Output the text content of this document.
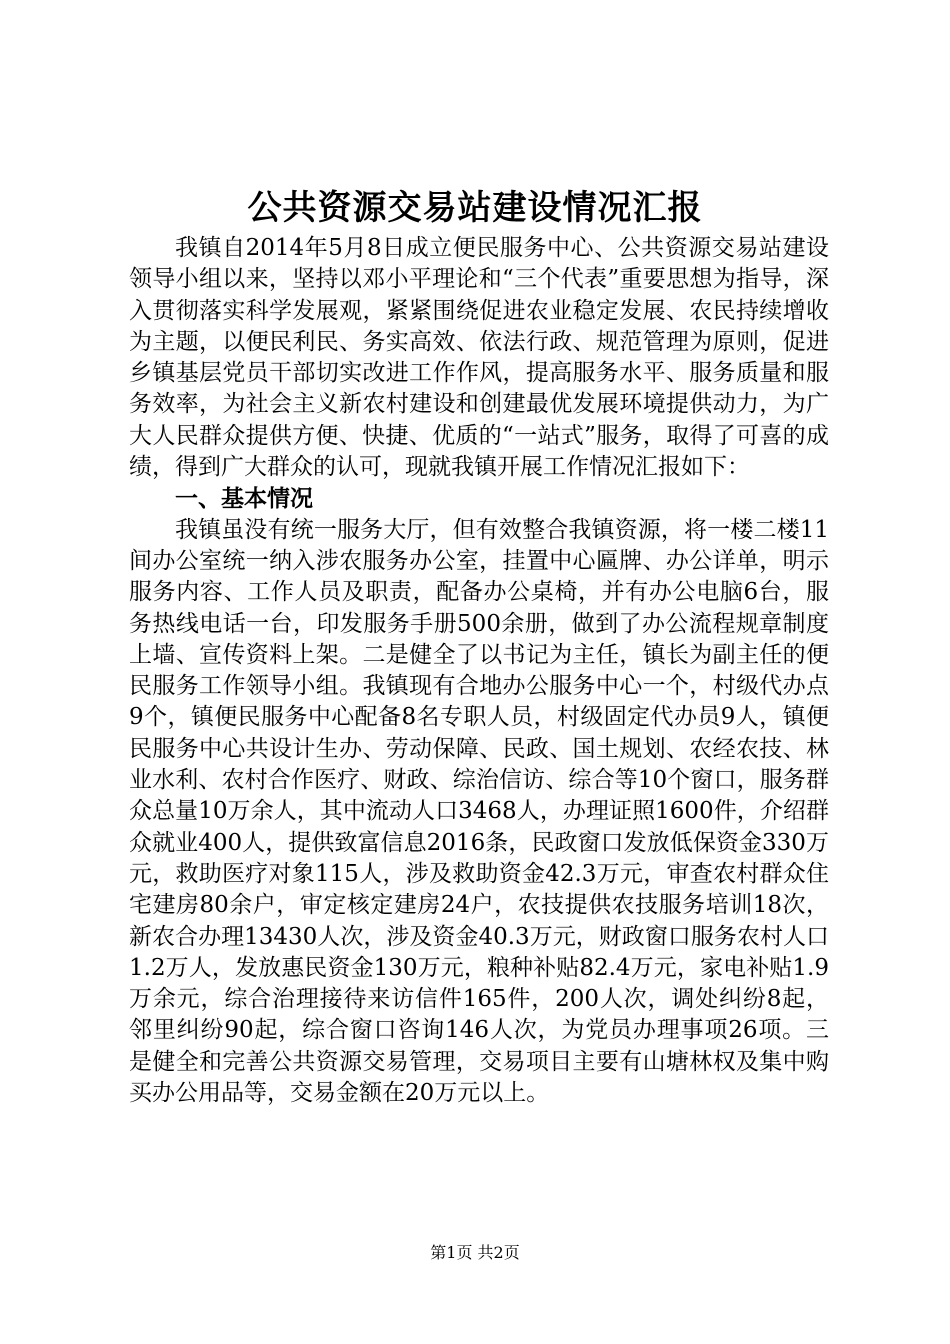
公共资源交易站建设情况汇报

我镇自2014年5月8日成立便民服务中心、公共资源交易站建设领导小组以来，坚持以邓小平理论和“三个代表”重要思想为指导，深入贯彻落实科学发展观，紧紧围绕促进农业稳定发展、农民持续增收为主题，以便民利民、务实高效、依法行政、规范管理为原则，促进乡镇基层党员干部切实改进工作作风，提高服务水平、服务质量和服务效率，为社会主义新农村建设和创建最优发展环境提供动力，为广大人民群众提供方便、快捷、优质的“一站式”服务，取得了可喜的成绩，得到广大群众的认可，现就我镇开展工作情况汇报如下：

一、基本情况

我镇虽没有统一服务大厅，但有效整合我镇资源，将一楼二楼11间办公室统一纳入涉农服务办公室，挂置中心匾牌、办公详单，明示服务内容、工作人员及职责，配备办公桌椅，并有办公电脑6台，服务热线电话一台，印发服务手册500余册，做到了办公流程规章制度上墙、宣传资料上架。二是健全了以书记为主任，镇长为副主任的便民服务工作领导小组。我镇现有合地办公服务中心一个，村级代办点9个，镇便民服务中心配备8名专职人员，村级固定代办员9人，镇便民服务中心共设计生办、劳动保障、民政、国土规划、农经农技、林业水利、农村合作医疗、财政、综治信访、综合等10个窗口，服务群众总量10万余人，其中流动人口3468人，办理证照1600件，介绍群众就业400人，提供致富信息2016条，民政窗口发放低保资金330万元，救助医疗对象115人，涉及救助资金42.3万元，审查农村群众住宅建房80余户，审定核定建房24户，农技提供农技服务培训18次，新农合办理13430人次，涉及资金40.3万元，财政窗口服务农村人口1.2万人，发放惠民资金130万元，粮种补贴82.4万元，家电补贴1.9万余元，综合治理接待来访信件165件，200人次，调处纠纷8起，邻里纠纷90起，综合窗口咨询146人次，为党员办理事项26项。三是健全和完善公共资源交易管理，交易项目主要有山塘林权及集中购买办公用品等，交易金额在20万元以上。

第1页 共2页
